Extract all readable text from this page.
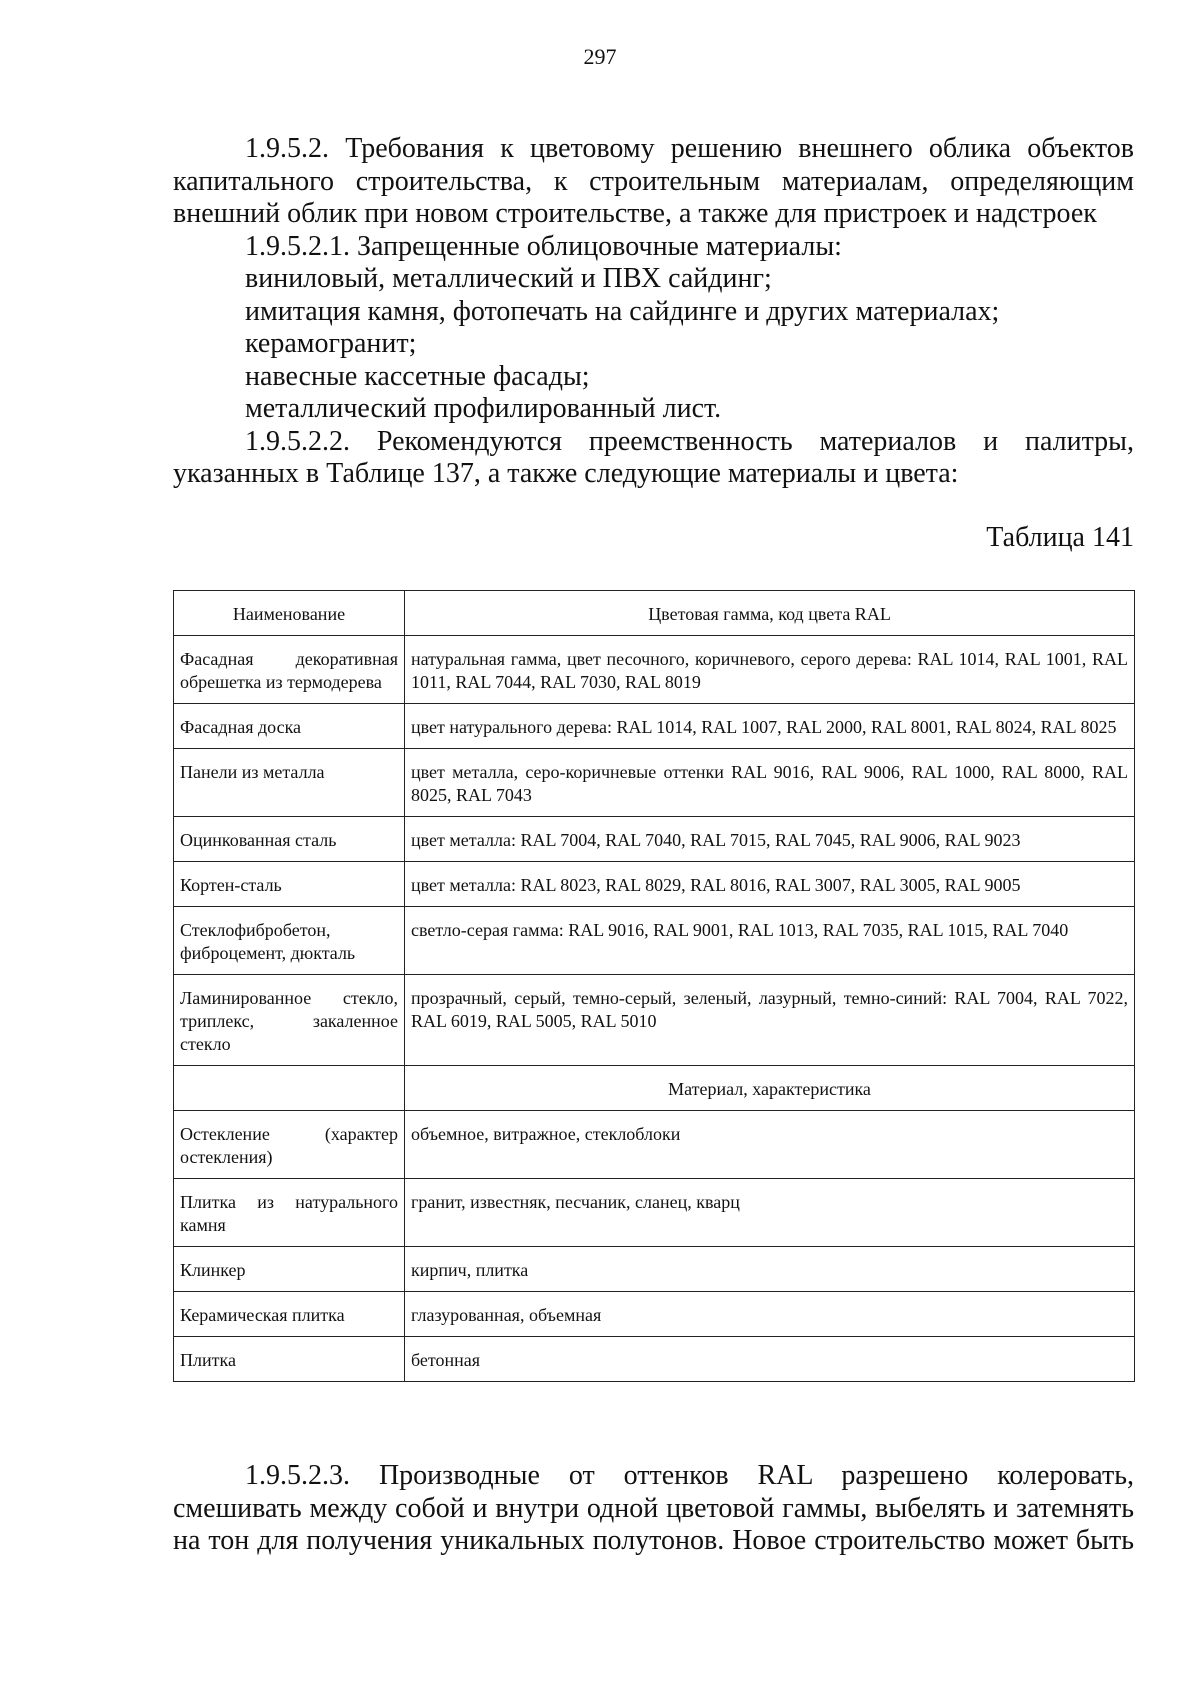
297

1.9.5.2. Требования к цветовому решению внешнего облика объектов капитального строительства, к строительным материалам, определяющим внешний облик при новом строительстве, а также для пристроек и надстроек

1.9.5.2.1. Запрещенные облицовочные материалы:

виниловый, металлический и ПВХ сайдинг;

имитация камня, фотопечать на сайдинге и других материалах;

керамогранит;

навесные кассетные фасады;

металлический профилированный лист.

1.9.5.2.2. Рекомендуются преемственность материалов и палитры, указанных в Таблице 137, а также следующие материалы и цвета:

Таблица 141
Наименование	Цветовая гамма, код цвета RAL
Фасадная декоративная обрешетка из термодерева	натуральная гамма, цвет песочного, коричневого, серого дерева: RAL 1014, RAL 1001, RAL 1011, RAL 7044, RAL 7030, RAL 8019
Фасадная доска	цвет натурального дерева: RAL 1014, RAL 1007, RAL 2000, RAL 8001, RAL 8024, RAL 8025
Панели из металла	цвет металла, серо-коричневые оттенки RAL 9016, RAL 9006, RAL 1000, RAL 8000, RAL 8025, RAL 7043
Оцинкованная сталь	цвет металла: RAL 7004, RAL 7040, RAL 7015, RAL 7045, RAL 9006, RAL 9023
Кортен-сталь	цвет металла: RAL 8023, RAL 8029, RAL 8016, RAL 3007, RAL 3005, RAL 9005
Стеклофибробетон, фиброцемент, дюкталь	светло-серая гамма: RAL 9016, RAL 9001, RAL 1013, RAL 7035, RAL 1015, RAL 7040
Ламинированное стекло, триплекс, закаленное стекло	прозрачный, серый, темно-серый, зеленый, лазурный, темно-синий: RAL 7004, RAL 7022, RAL 6019, RAL 5005, RAL 5010
	Материал, характеристика
Остекление (характер остекления)	объемное, витражное, стеклоблоки
Плитка из натурального камня	гранит, известняк, песчаник, сланец, кварц
Клинкер	кирпич, плитка
Керамическая плитка	глазурованная, объемная
Плитка	бетонная

1.9.5.2.3. Производные от оттенков RAL разрешено колеровать, смешивать между собой и внутри одной цветовой гаммы, выбелять и затемнять на тон для получения уникальных полутонов. Новое строительство может быть
